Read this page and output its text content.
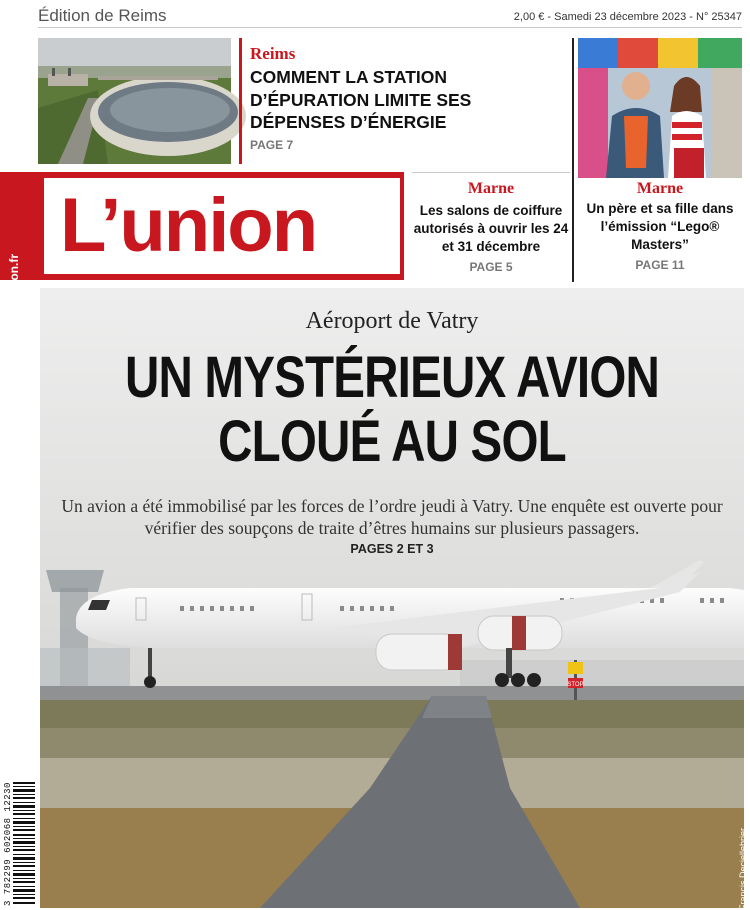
Édition de Reims	2,00 € - Samedi 23 décembre 2023 - N° 25347
Reims
COMMENT LA STATION D’ÉPURATION LIMITE SES DÉPENSES D’ÉNERGIE
PAGE 7
lunion.fr
L’union	Marne
Les salons de coiffure autorisés à ouvrir les 24 et 31 décembre
PAGE 5
Marne
Un père et sa fille dans l’émission “Lego® Masters”
PAGE 11
STOP
Aéroport de Vatry
UN MYSTÉRIEUX AVION
CLOUÉ AU SOL
Un avion a été immobilisé par les forces de l’ordre jeudi à Vatry. Une enquête est ouverte pour vérifier des soupçons de traite d’êtres humains sur plusieurs passagers.
PAGES 2 ET 3
Francis Deciellebrier
3 782299 602068 12230
